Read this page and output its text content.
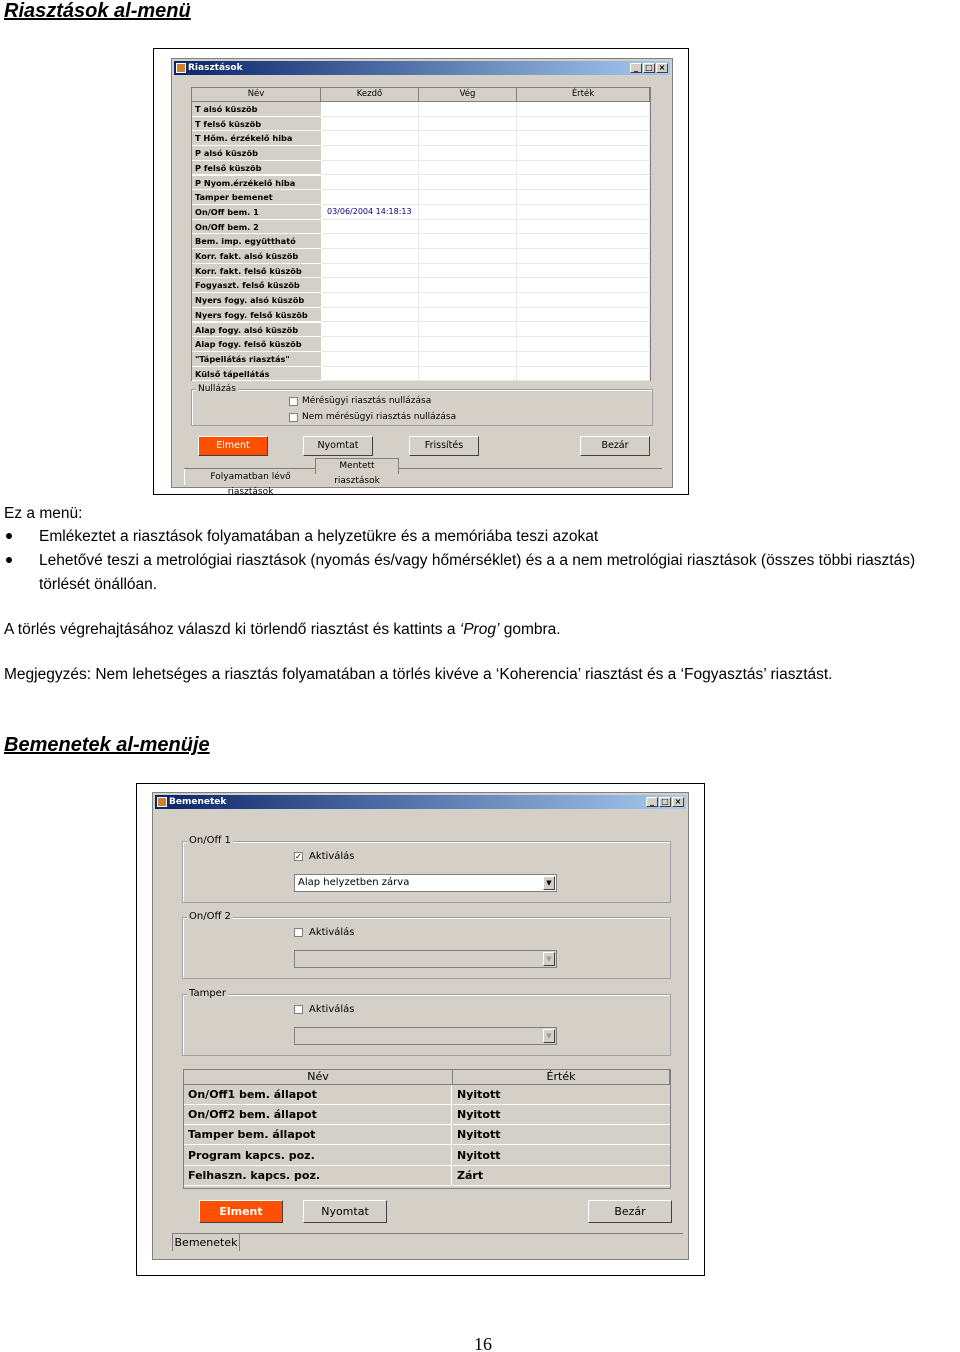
Riasztások al-menü
Riasztások	_ □ ×
Név	Kezdő	Vég	Érték
T alsó küszöb
T felső küszöb
T Hőm. érzékelő hiba
P alsó küszöb
P felső küszöb
P Nyom.érzékelő hiba
Tamper bemenet
On/Off bem. 1	03/06/2004 14:18:13
On/Off bem. 2
Bem. imp. együttható
Korr. fakt. alsó küszöb
Korr. fakt. felső küszöb
Fogyaszt. felső küszöb
Nyers fogy. alsó küszöb
Nyers fogy. felső küszöb
Alap fogy. alsó küszöb
Alap fogy. felső küszöb
"Tápellátás riasztás"
Külső tápellátás
Nullázás
Mérésügyi riasztás nullázása
Nem mérésügyi riasztás nullázása
Elment	Nyomtat	Frissítés	Bezár
Folyamatban lévő riasztások
Mentett riasztások
Ez a menü:
Emlékeztet a riasztások folyamatában a helyzetükre és a memóriába teszi azokat
Lehetővé teszi a metrológiai riasztások (nyomás és/vagy hőmérséklet) és a a nem metrológiai riasztások (összes többi riasztás)
törlését önállóan.
A törlés végrehajtásához válaszd ki törlendő riasztást és kattints a ‘Prog’ gombra.
Megjegyzés: Nem lehetséges a riasztás folyamatában a törlés kivéve a ‘Koherencia’ riasztást és a ‘Fogyasztás’ riasztást.
Bemenetek al-menüje
Bemenetek	_ □ ×
On/Off 1
✓ Aktiválás
Alap helyzetben zárva	▼
On/Off 2
Aktiválás
▼
Tamper
Aktiválás
▼
Név	Érték
On/Off1 bem. állapot	Nyitott
On/Off2 bem. állapot	Nyitott
Tamper bem. állapot	Nyitott
Program kapcs. poz.	Nyitott
Felhaszn. kapcs. poz.	Zárt
Elment	Nyomtat	Bezár
Bemenetek
16
